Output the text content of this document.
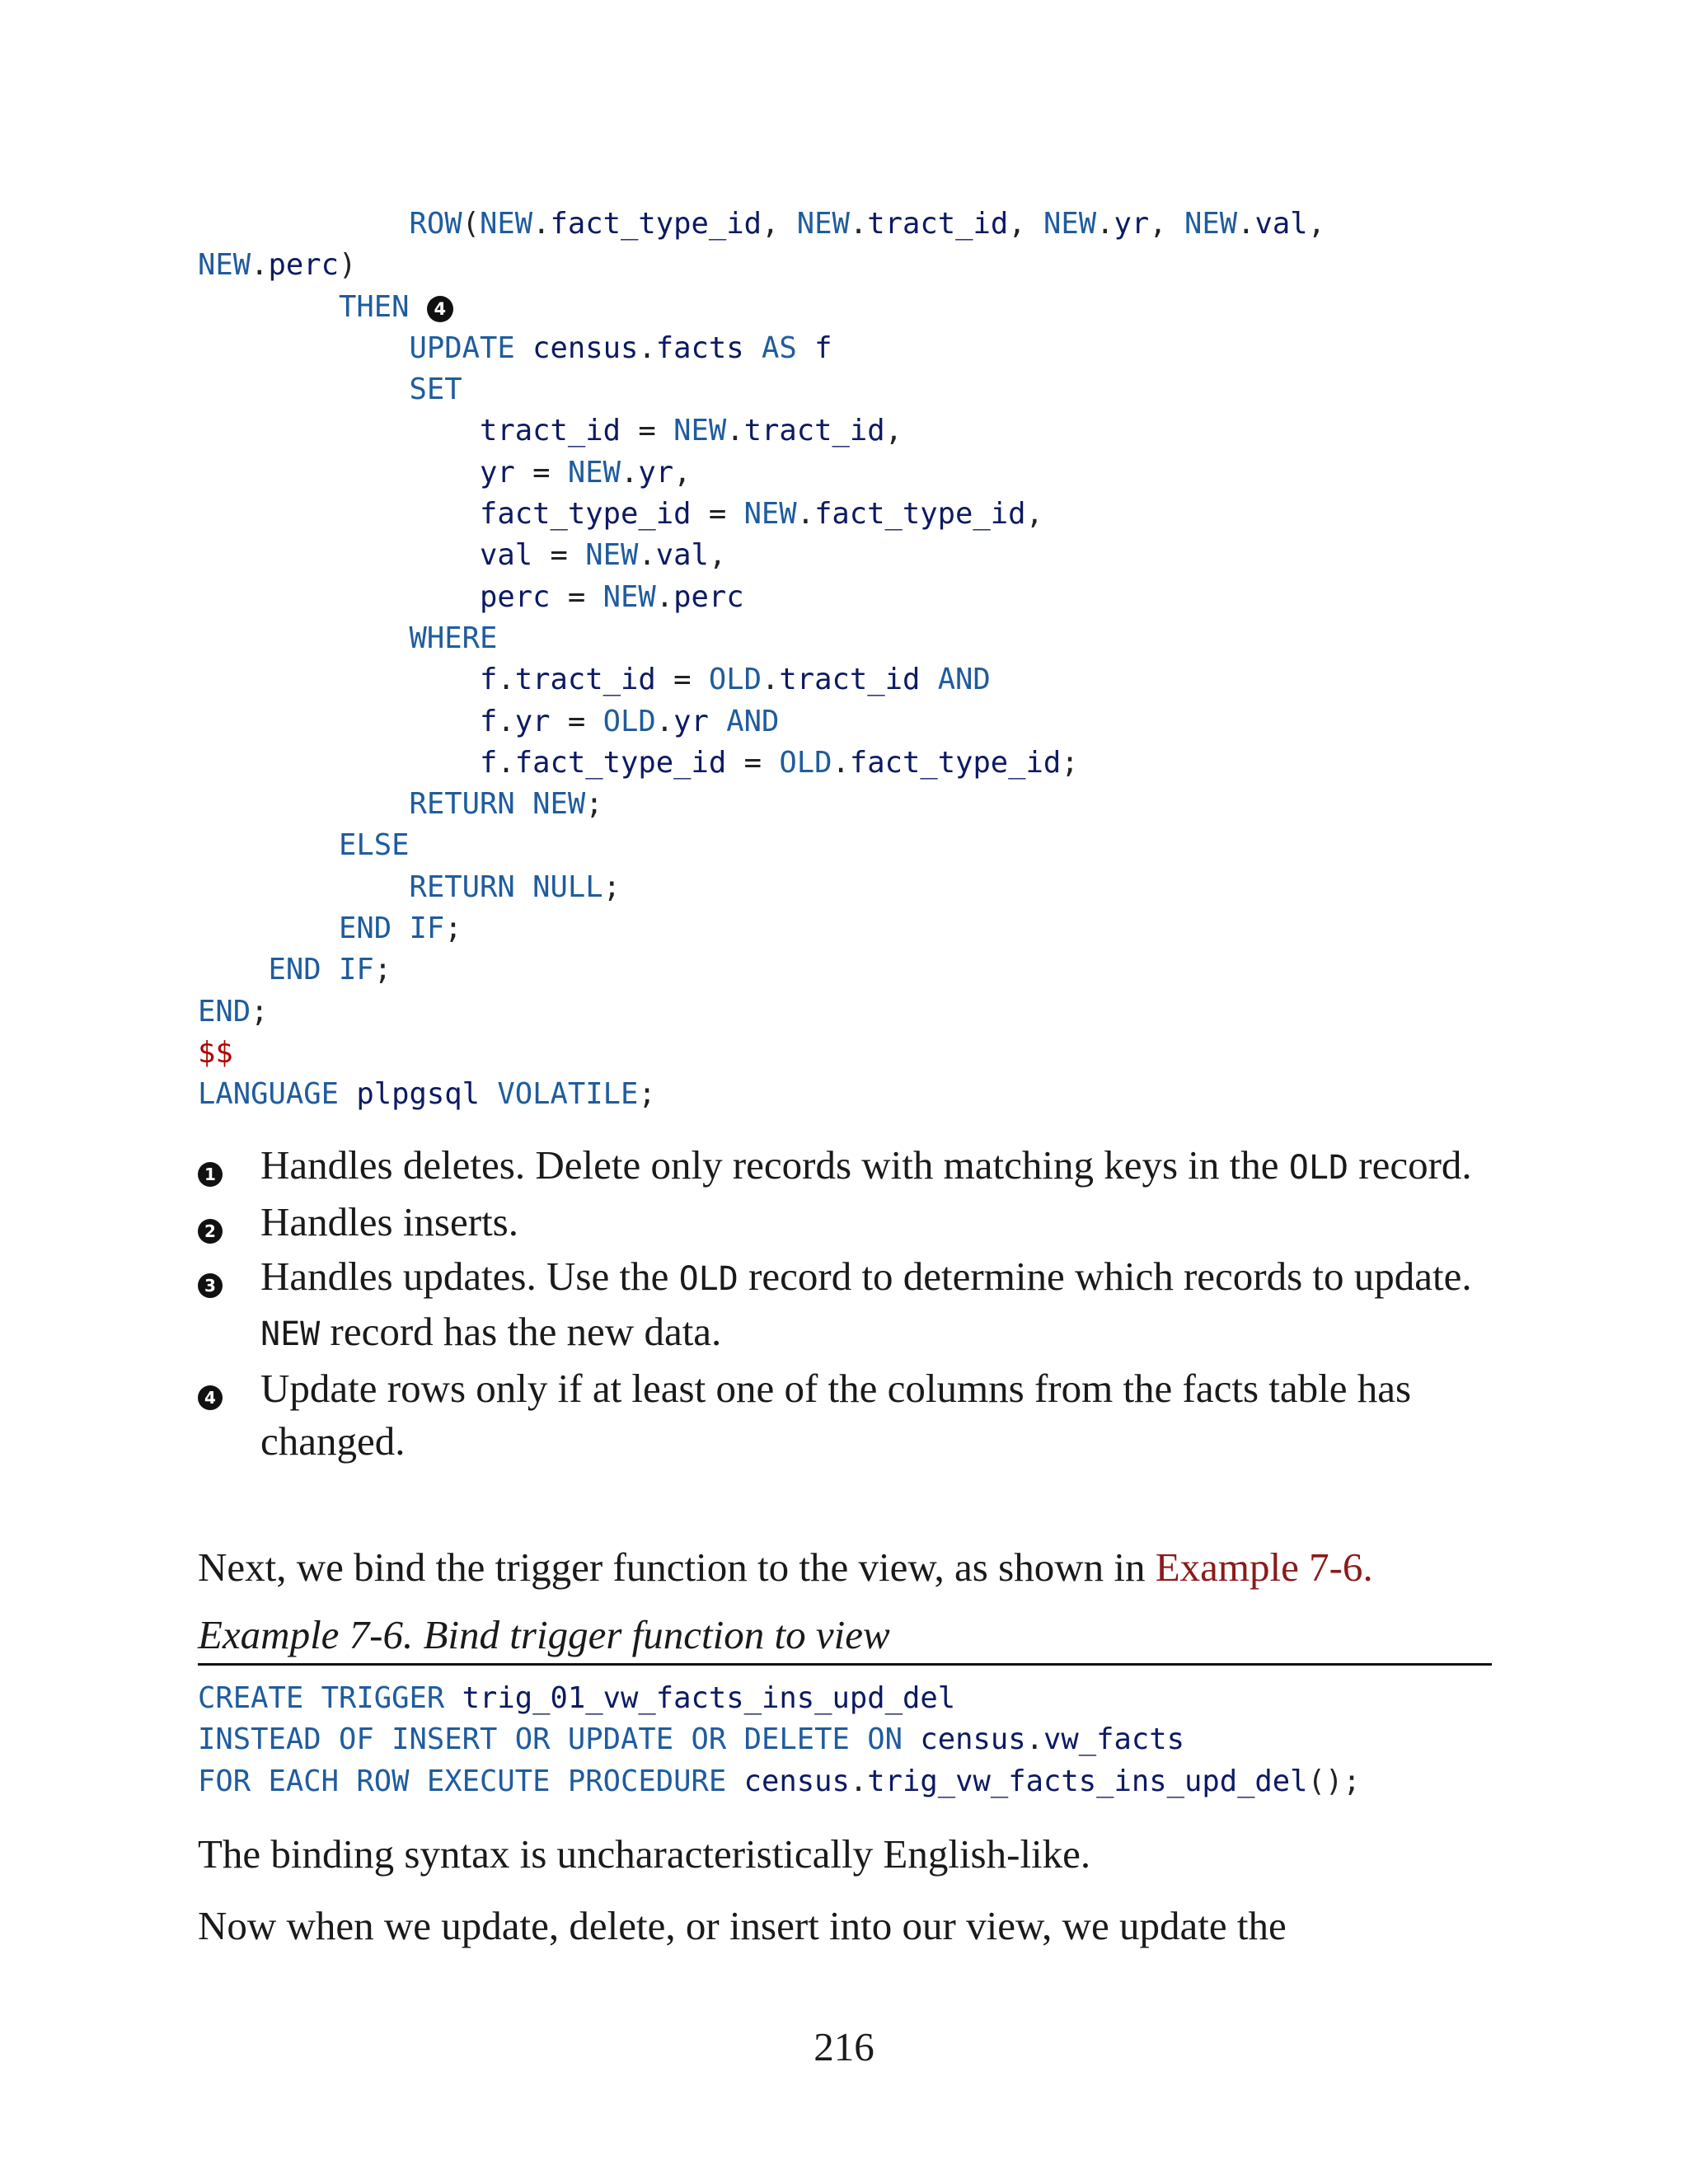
ROW(NEW.fact_type_id, NEW.tract_id, NEW.yr, NEW.val,
NEW.perc)
THEN 4
UPDATE census.facts AS f
SET
tract_id = NEW.tract_id,
yr = NEW.yr,
fact_type_id = NEW.fact_type_id,
val = NEW.val,
perc = NEW.perc
WHERE
f.tract_id = OLD.tract_id AND
f.yr = OLD.yr AND
f.fact_type_id = OLD.fact_type_id;
RETURN NEW;
ELSE
RETURN NULL;
END IF;
END IF;
END;
$$
LANGUAGE plpgsql VOLATILE;
1 Handles deletes. Delete only records with matching keys in the OLD record.
2 Handles inserts.
3 Handles updates. Use the OLD record to determine which records to update. NEW record has the new data.
4 Update rows only if at least one of the columns from the facts table has changed.

Next, we bind the trigger function to the view, as shown in Example 7-6.

Example 7-6. Bind trigger function to view
CREATE TRIGGER trig_01_vw_facts_ins_upd_del
INSTEAD OF INSERT OR UPDATE OR DELETE ON census.vw_facts
FOR EACH ROW EXECUTE PROCEDURE census.trig_vw_facts_ins_upd_del();

The binding syntax is uncharacteristically English-like.

Now when we update, delete, or insert into our view, we update the

216
